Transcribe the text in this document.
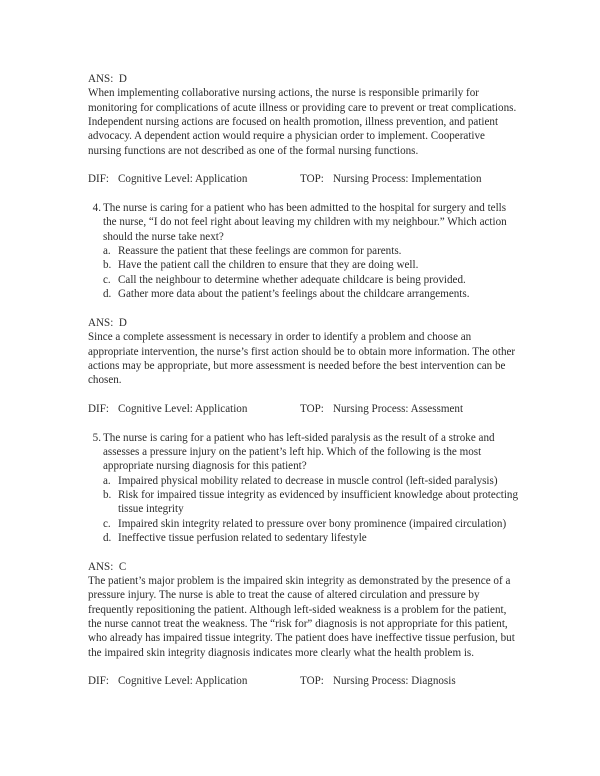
ANS: D

When implementing collaborative nursing actions, the nurse is responsible primarily for monitoring for complications of acute illness or providing care to prevent or treat complications. Independent nursing actions are focused on health promotion, illness prevention, and patient advocacy. A dependent action would require a physician order to implement. Cooperative nursing functions are not described as one of the formal nursing functions.

DIF: Cognitive Level: Application	TOP: Nursing Process: Implementation
4. The nurse is caring for a patient who has been admitted to the hospital for surgery and tells the nurse, “I do not feel right about leaving my children with my neighbour.” Which action should the nurse take next?

a. Reassure the patient that these feelings are common for parents.
b. Have the patient call the children to ensure that they are doing well.
c. Call the neighbour to determine whether adequate childcare is being provided.
d. Gather more data about the patient’s feelings about the childcare arrangements.
ANS: D

Since a complete assessment is necessary in order to identify a problem and choose an appropriate intervention, the nurse’s first action should be to obtain more information. The other actions may be appropriate, but more assessment is needed before the best intervention can be chosen.

DIF: Cognitive Level: Application	TOP: Nursing Process: Assessment
5. The nurse is caring for a patient who has left-sided paralysis as the result of a stroke and assesses a pressure injury on the patient’s left hip. Which of the following is the most appropriate nursing diagnosis for this patient?

a. Impaired physical mobility related to decrease in muscle control (left-sided paralysis)
b. Risk for impaired tissue integrity as evidenced by insufficient knowledge about protecting tissue integrity
c. Impaired skin integrity related to pressure over bony prominence (impaired circulation)
d. Ineffective tissue perfusion related to sedentary lifestyle
ANS: C

The patient’s major problem is the impaired skin integrity as demonstrated by the presence of a pressure injury. The nurse is able to treat the cause of altered circulation and pressure by frequently repositioning the patient. Although left-sided weakness is a problem for the patient, the nurse cannot treat the weakness. The “risk for” diagnosis is not appropriate for this patient, who already has impaired tissue integrity. The patient does have ineffective tissue perfusion, but the impaired skin integrity diagnosis indicates more clearly what the health problem is.

DIF: Cognitive Level: Application	TOP: Nursing Process: Diagnosis
